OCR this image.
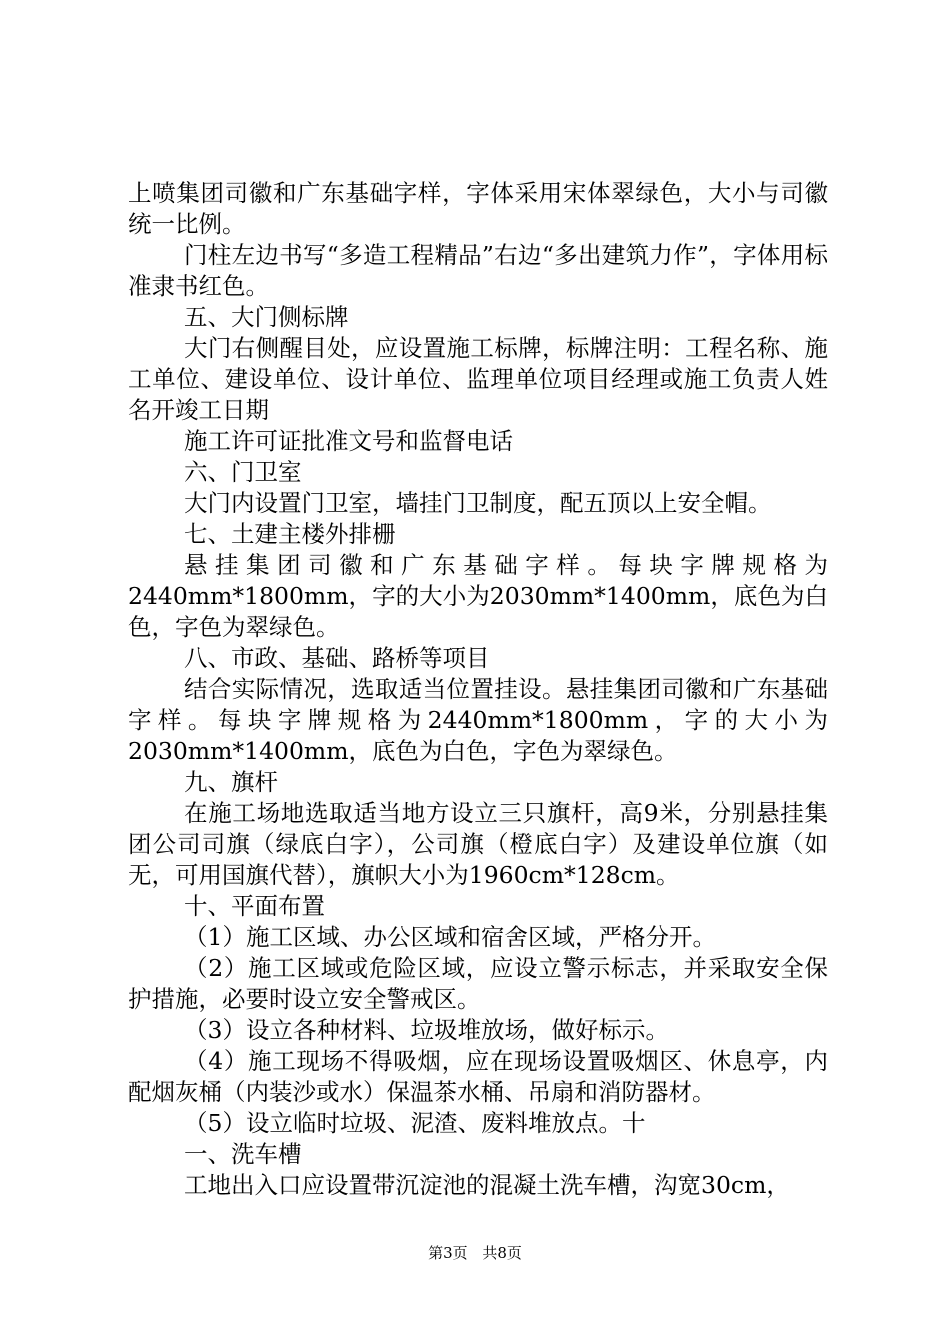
上喷集团司徽和广东基础字样，字体采用宋体翠绿色，大小与司徽统一比例。

门柱左边书写“多造工程精品”右边“多出建筑力作”，字体用标准隶书红色。

五、大门侧标牌

大门右侧醒目处，应设置施工标牌，标牌注明：工程名称、施工单位、建设单位、设计单位、监理单位项目经理或施工负责人姓名开竣工日期

施工许可证批准文号和监督电话

六、门卫室

大门内设置门卫室，墙挂门卫制度，配五顶以上安全帽。

七、土建主楼外排栅

悬挂集团司徽和广东基础字样。每块字牌规格为2440mm*1800mm，字的大小为2030mm*1400mm，底色为白色，字色为翠绿色。

八、市政、基础、路桥等项目

结合实际情况，选取适当位置挂设。悬挂集团司徽和广东基础字样。每块字牌规格为2440mm*1800mm，字的大小为2030mm*1400mm，底色为白色，字色为翠绿色。

九、旗杆

在施工场地选取适当地方设立三只旗杆，高9米，分别悬挂集团公司司旗（绿底白字），公司旗（橙底白字）及建设单位旗（如无，可用国旗代替），旗帜大小为1960cm*128cm。

十、平面布置

（1）施工区域、办公区域和宿舍区域，严格分开。

（2）施工区域或危险区域，应设立警示标志，并采取安全保护措施，必要时设立安全警戒区。

（3）设立各种材料、垃圾堆放场，做好标示。

（4）施工现场不得吸烟，应在现场设置吸烟区、休息亭，内配烟灰桶（内装沙或水）保温茶水桶、吊扇和消防器材。

（5）设立临时垃圾、泥渣、废料堆放点。十

一、洗车槽

工地出入口应设置带沉淀池的混凝土洗车槽，沟宽30cm，

第3页 共8页
